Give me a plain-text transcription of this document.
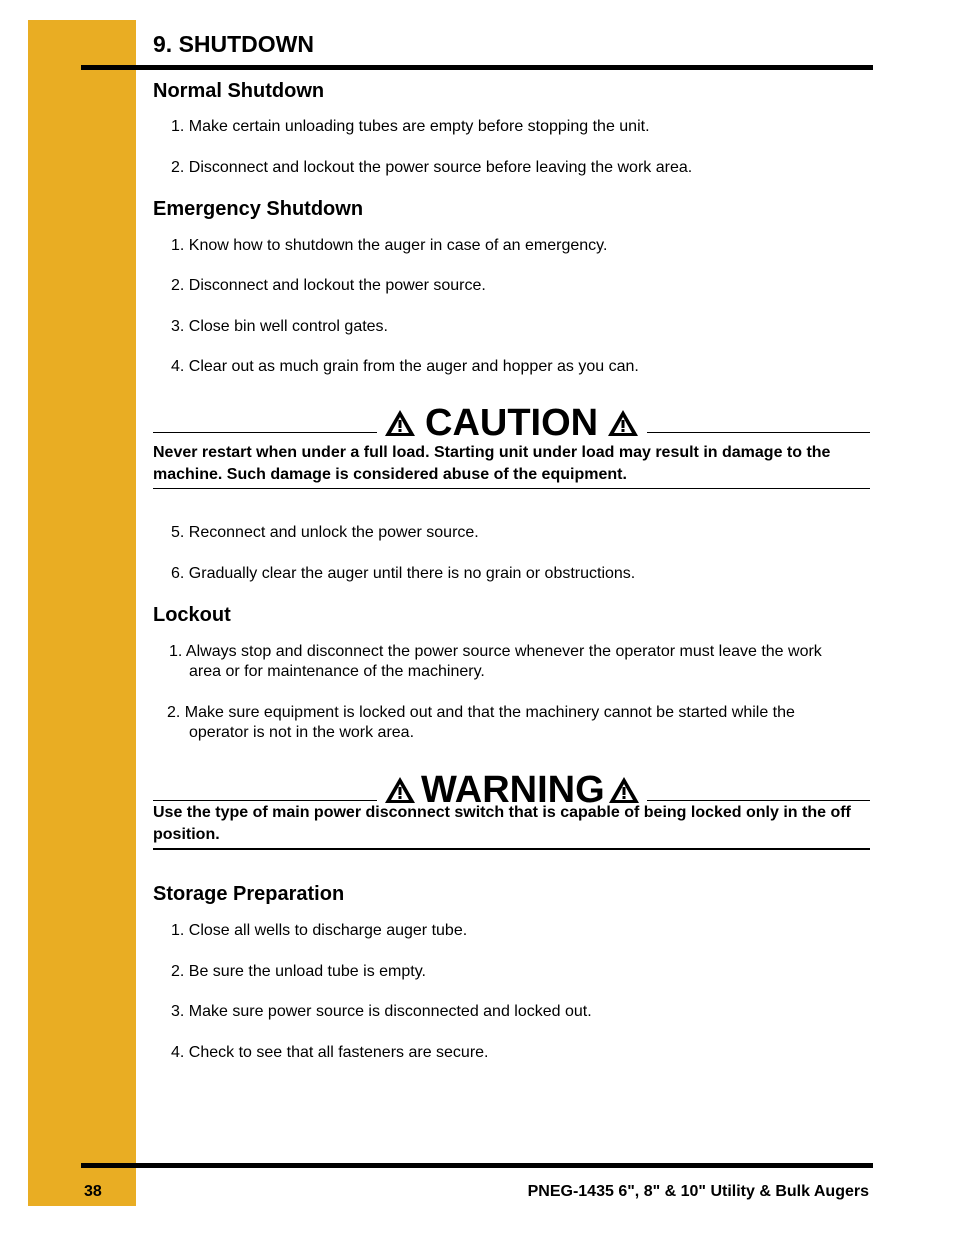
9. SHUTDOWN
Normal Shutdown
1. Make certain unloading tubes are empty before stopping the unit.
2. Disconnect and lockout the power source before leaving the work area.
Emergency Shutdown
1. Know how to shutdown the auger in case of an emergency.
2. Disconnect and lockout the power source.
3. Close bin well control gates.
4. Clear out as much grain from the auger and hopper as you can.
CAUTION
Never restart when under a full load. Starting unit under load may result in damage to the machine. Such damage is considered abuse of the equipment.
5. Reconnect and unlock the power source.
6. Gradually clear the auger until there is no grain or obstructions.
Lockout
1. Always stop and disconnect the power source whenever the operator must leave the work
area or for maintenance of the machinery.
2. Make sure equipment is locked out and that the machinery cannot be started while the
operator is not in the work area.
WARNING
Use the type of main power disconnect switch that is capable of being locked only in the off position.
Storage Preparation
1. Close all wells to discharge auger tube.
2. Be sure the unload tube is empty.
3. Make sure power source is disconnected and locked out.
4. Check to see that all fasteners are secure.
38	PNEG-1435 6", 8" & 10" Utility & Bulk Augers
